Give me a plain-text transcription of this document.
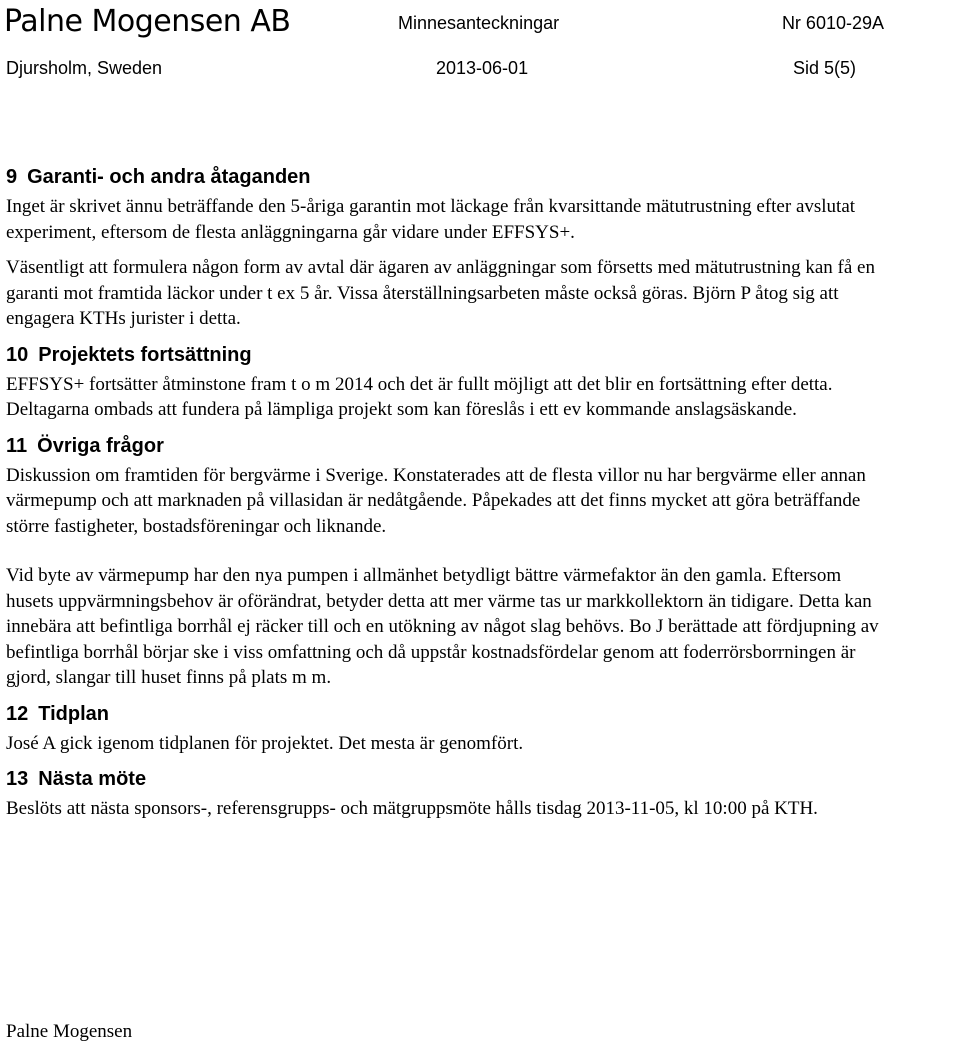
Palne Mogensen AB	Minnesanteckningar	Nr 6010-29A
Djursholm, Sweden	2013-06-01	Sid 5(5)
9 Garanti- och andra åtaganden

Inget är skrivet ännu beträffande den 5-åriga garantin mot läckage från kvarsittande mätutrustning efter avslutat experiment, eftersom de flesta anläggningarna går vidare under EFFSYS+.

Väsentligt att formulera någon form av avtal där ägaren av anläggningar som försetts med mätutrustning kan få en garanti mot framtida läckor under t ex 5 år. Vissa återställningsarbeten måste också göras. Björn P åtog sig att engagera KTHs jurister i detta.

10 Projektets fortsättning

EFFSYS+ fortsätter åtminstone fram t o m 2014 och det är fullt möjligt att det blir en fortsättning efter detta. Deltagarna ombads att fundera på lämpliga projekt som kan föreslås i ett ev kommande anslagsäskande.

11 Övriga frågor

Diskussion om framtiden för bergvärme i Sverige. Konstaterades att de flesta villor nu har bergvärme eller annan värmepump och att marknaden på villasidan är nedåtgående. Påpekades att det finns mycket att göra beträffande större fastigheter, bostadsföreningar och liknande.

Vid byte av värmepump har den nya pumpen i allmänhet betydligt bättre värmefaktor än den gamla. Eftersom husets uppvärmningsbehov är oförändrat, betyder detta att mer värme tas ur markkollektorn än tidigare. Detta kan innebära att befintliga borrhål ej räcker till och en utökning av något slag behövs. Bo J berättade att fördjupning av befintliga borrhål börjar ske i viss omfattning och då uppstår kostnadsfördelar genom att foderrörsborrningen är gjord, slangar till huset finns på plats m m.

12 Tidplan

José A gick igenom tidplanen för projektet. Det mesta är genomfört.

13 Nästa möte

Beslöts att nästa sponsors-, referensgrupps- och mätgruppsmöte hålls tisdag 2013-11-05, kl 10:00 på KTH.

Palne Mogensen
